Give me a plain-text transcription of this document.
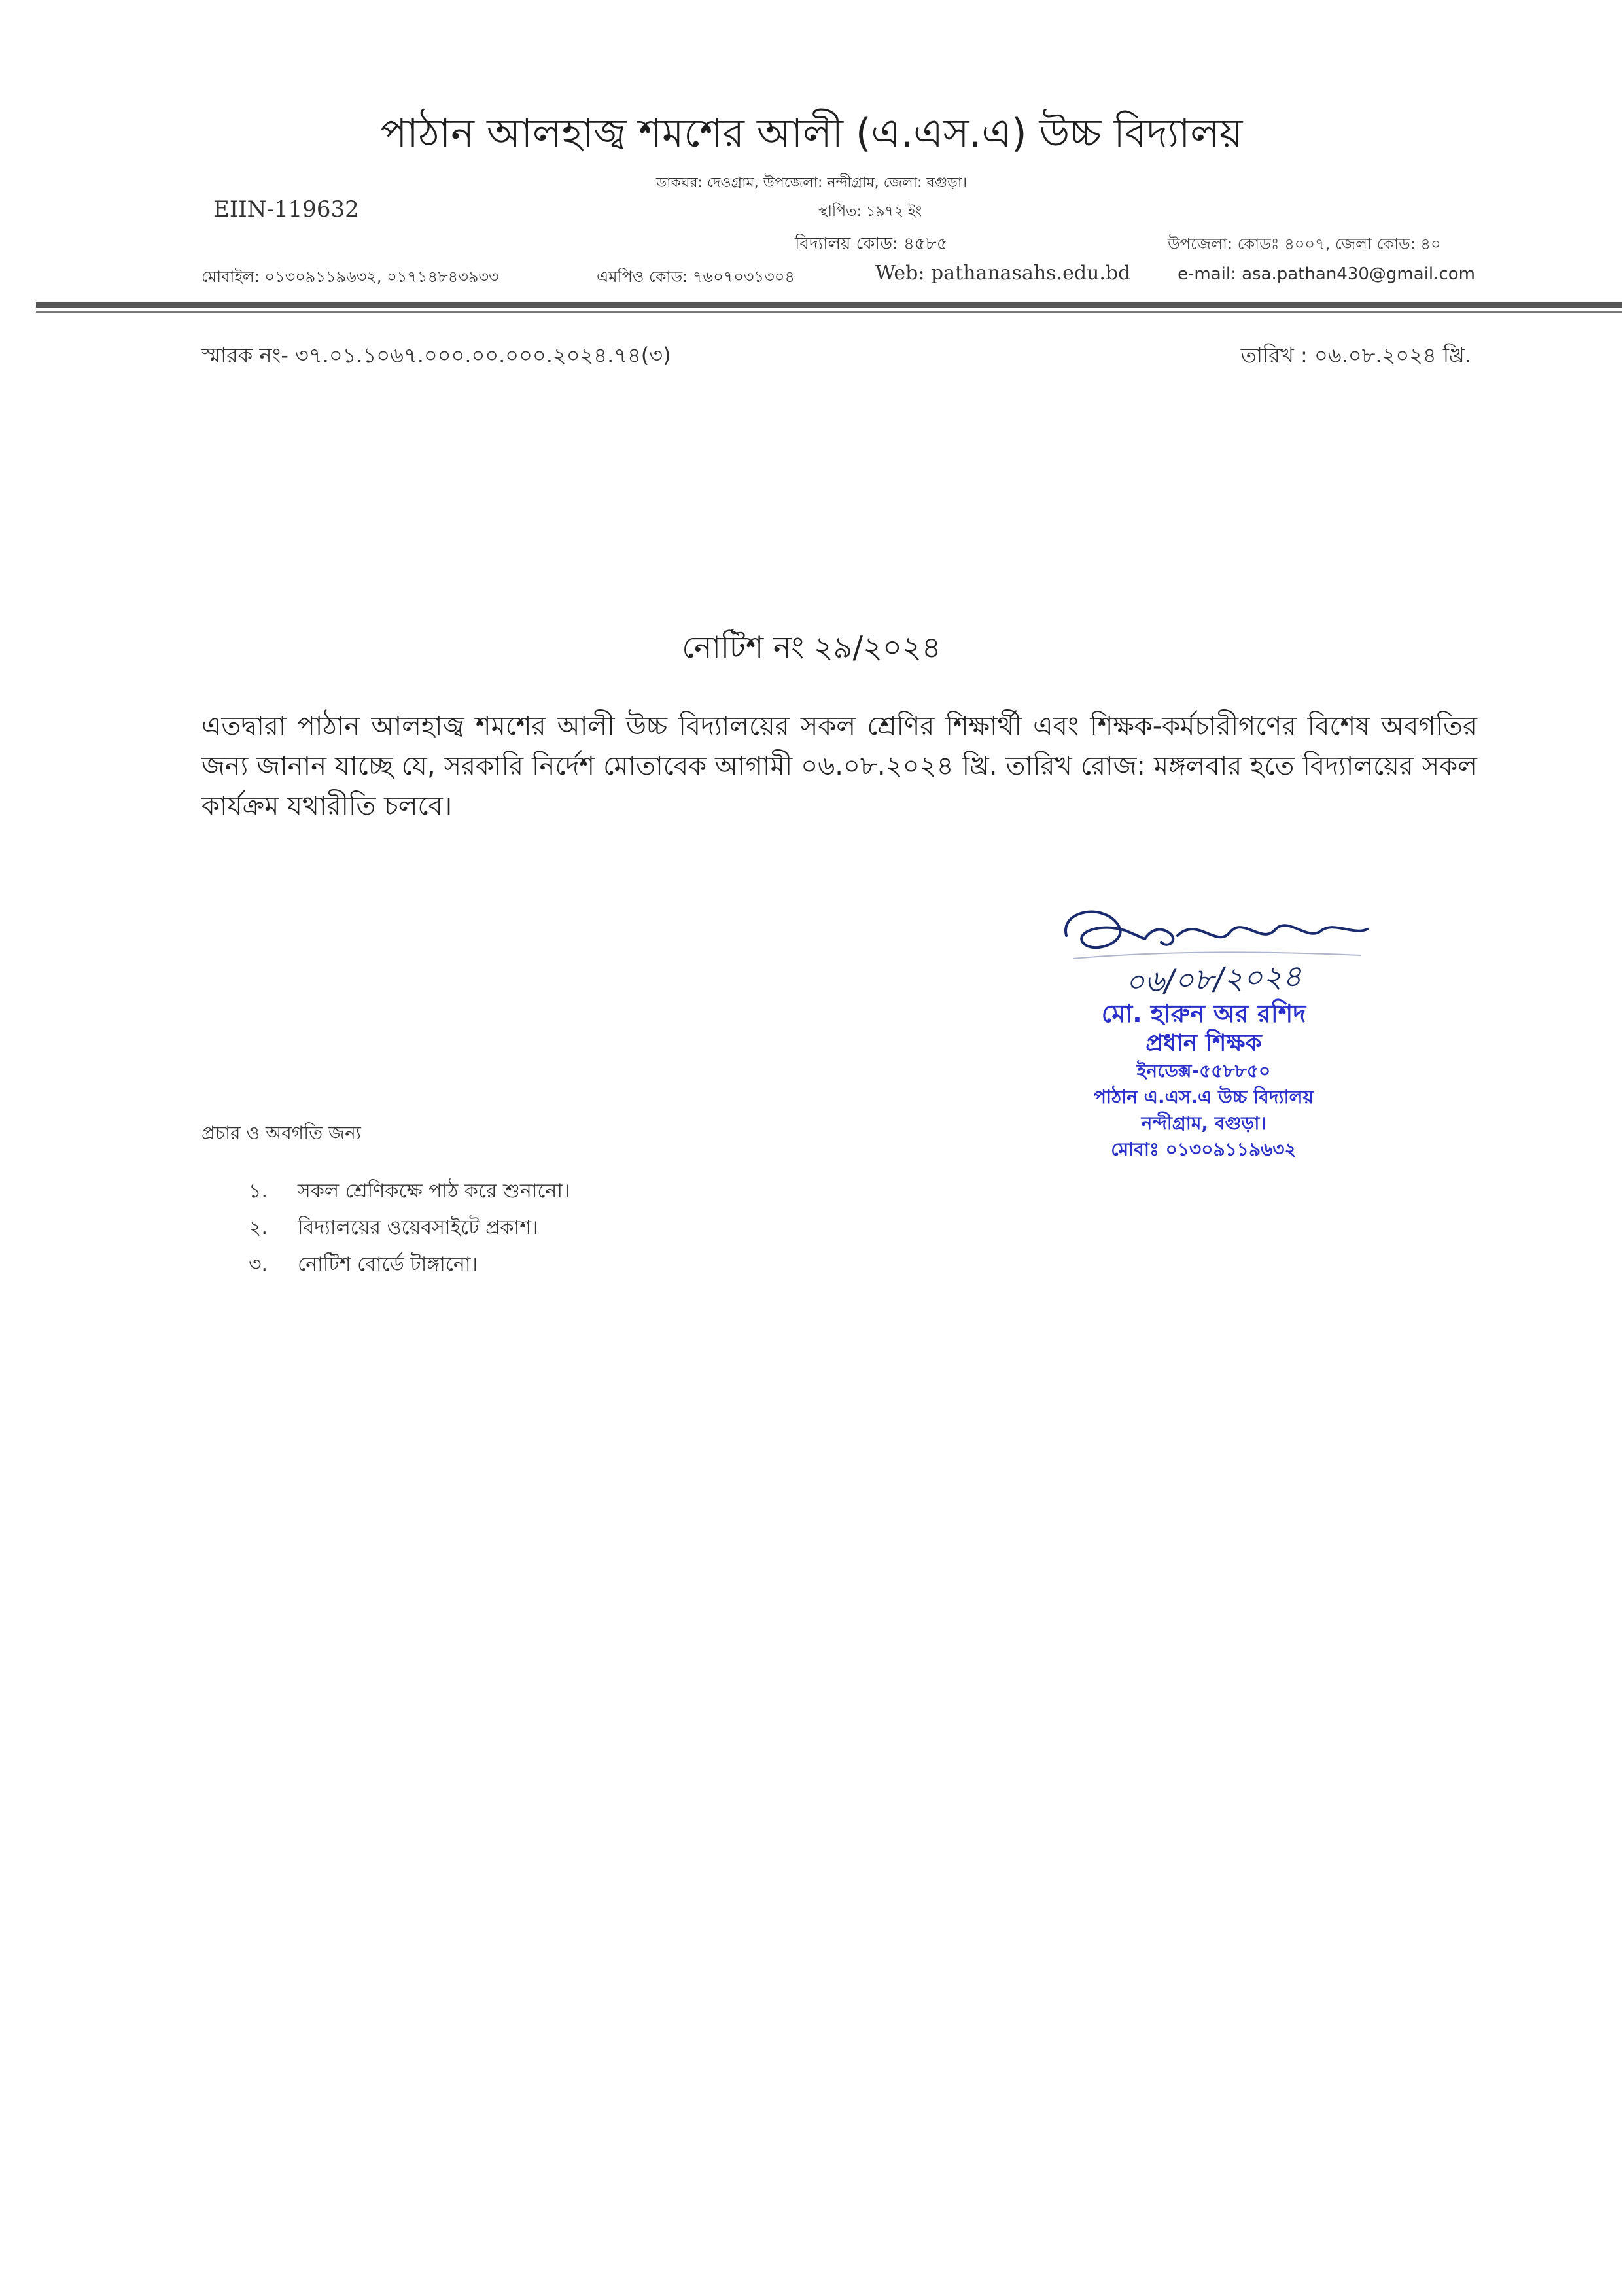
পাঠান আলহাজ্ব শমশের আলী (এ.এস.এ) উচ্চ বিদ্যালয়
ডাকঘর: দেওগ্রাম, উপজেলা: নন্দীগ্রাম, জেলা: বগুড়া।
EIIN-119632	স্থাপিত: ১৯৭২ ইং
বিদ্যালয় কোড: ৪৫৮৫	উপজেলা: কোডঃ ৪০০৭, জেলা কোড: ৪০
মোবাইল: ০১৩০৯১১৯৬৩২, ০১৭১৪৮৪৩৯৩৩	এমপিও কোড: ৭৬০৭০৩১৩০৪	Web: pathanasahs.edu.bd	e-mail: asa.pathan430@gmail.com
স্মারক নং- ৩৭.০১.১০৬৭.০০০.০০.০০০.২০২৪.৭৪(৩)	তারিখ : ০৬.০৮.২০২৪ খ্রি.
নোটিশ নং ২৯/২০২৪
এতদ্বারা পাঠান আলহাজ্ব শমশের আলী উচ্চ বিদ্যালয়ের সকল শ্রেণির শিক্ষার্থী এবং শিক্ষক-কর্মচারীগণের বিশেষ অবগতির জন্য জানান যাচ্ছে যে, সরকারি নির্দেশ মোতাবেক আগামী ০৬.০৮.২০২৪ খ্রি. তারিখ রোজ: মঙ্গলবার হতে বিদ্যালয়ের সকল কার্যক্রম যথারীতি চলবে।
০৬/০৮/২০২৪
মো. হারুন অর রশিদ
প্রধান শিক্ষক
ইনডেক্স-৫৫৮৮৫০
পাঠান এ.এস.এ উচ্চ বিদ্যালয়
নন্দীগ্রাম, বগুড়া।
মোবাঃ ০১৩০৯১১৯৬৩২
প্রচার ও অবগতি জন্য
১. সকল শ্রেণিকক্ষে পাঠ করে শুনানো।
২. বিদ্যালয়ের ওয়েবসাইটে প্রকাশ।
৩. নোটিশ বোর্ডে টাঙ্গানো।
